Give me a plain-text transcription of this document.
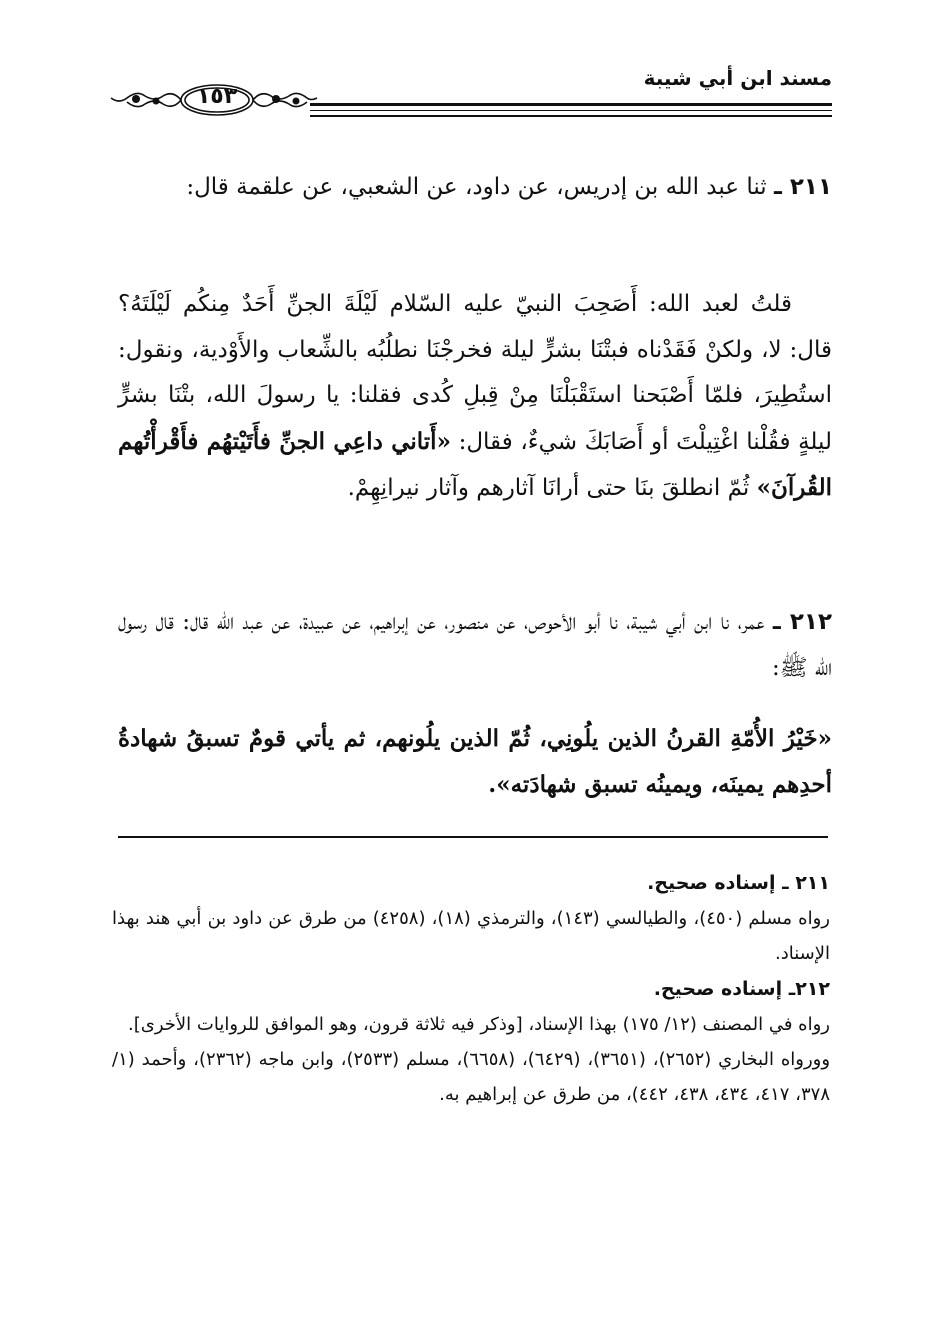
مسند ابن أبي شيبة
١٥٣
٢١١ ـ ثنا عبد الله بن إدريس، عن داود، عن الشعبي، عن علقمة قال:
قلتُ لعبد الله: أَصَحِبَ النبيّ عليه السّلام لَيْلَةَ الجنِّ أَحَدٌ مِنكُم لَيْلَتَهُ؟ قال: لا، ولكنْ فَقَدْناه فبتْنَا بشرٍّ ليلة فخرجْنَا نطلُبُه بالشِّعاب والأَوْدية، ونقول: استُطِيرَ، فلمّا أَصْبَحنا استَقْبَلْنَا مِنْ قِبلِ كُدى فقلنا: يا رسولَ الله، بتْنَا بشرٍّ ليلةٍ فقُلْنا اغْتِيلْتَ أو أَصَابَكَ شيءٌ، فقال: «أَتاني داعِي الجنِّ فأَتَيْتهُم فأَقْرأْتُهم القُرآنَ» ثُمّ انطلقَ بنَا حتى أرانَا آثارهم وآثار نيرانِهِمْ.
٢١٢ ـ عمر، نا ابن أبي شيبة، نا أبو الأحوص، عن منصور، عن إبراهيم، عن عبيدة، عن عبد الله قال: قال رسول الله ﷺ:
«خَيْرُ الأُمّةِ القرنُ الذين يلُونِي، ثُمّ الذين يلُونهم، ثم يأتي قومٌ تسبقُ شهادةُ أحدِهم يمينَه، ويمينُه تسبق شهادَته».

٢١١ ـ إسناده صحيح.

رواه مسلم (٤٥٠)، والطيالسي (١٤٣)، والترمذي (١٨)، (٤٢٥٨) من طرق عن داود بن أبي هند بهذا الإسناد.

٢١٢ـ إسناده صحيح.

رواه في المصنف (١٢/ ١٧٥) بهذا الإسناد، [وذكر فيه ثلاثة قرون، وهو الموافق للروايات الأخرى].

وورواه البخاري (٢٦٥٢)، (٣٦٥١)، (٦٤٢٩)، (٦٦٥٨)، مسلم (٢٥٣٣)، وابن ماجه (٢٣٦٢)، وأحمد (١/ ٣٧٨، ٤١٧، ٤٣٤، ٤٣٨، ٤٤٢)، من طرق عن إبراهيم به.
